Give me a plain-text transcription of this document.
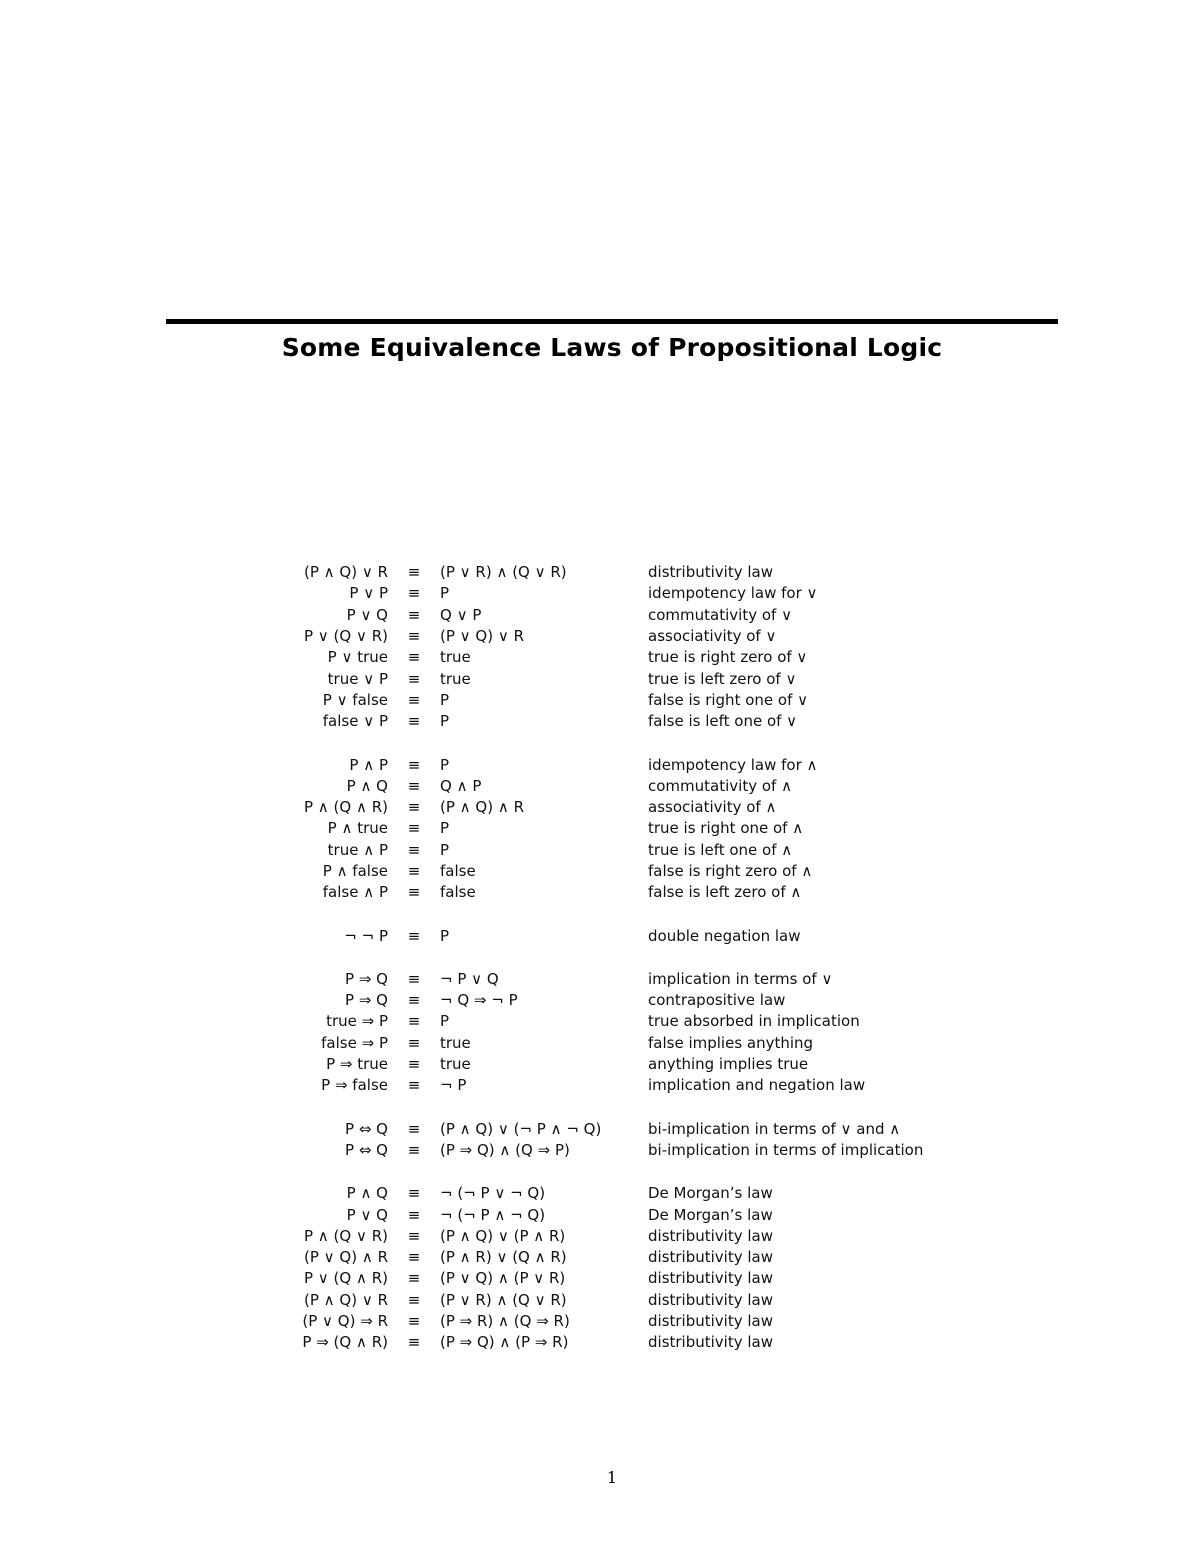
Some Equivalence Laws of Propositional Logic
(P ∧ Q) ∨ R	≡	(P ∨ R) ∧ (Q ∨ R)	distributivity law
P ∨ P	≡	P	idempotency law for ∨
P ∨ Q	≡	Q ∨ P	commutativity of ∨
P ∨ (Q ∨ R)	≡	(P ∨ Q) ∨ R	associativity of ∨
P ∨ true	≡	true	true is right zero of ∨
true ∨ P	≡	true	true is left zero of ∨
P ∨ false	≡	P	false is right one of ∨
false ∨ P	≡	P	false is left one of ∨
P ∧ P	≡	P	idempotency law for ∧
P ∧ Q	≡	Q ∧ P	commutativity of ∧
P ∧ (Q ∧ R)	≡	(P ∧ Q) ∧ R	associativity of ∧
P ∧ true	≡	P	true is right one of ∧
true ∧ P	≡	P	true is left one of ∧
P ∧ false	≡	false	false is right zero of ∧
false ∧ P	≡	false	false is left zero of ∧
¬ ¬ P	≡	P	double negation law
P ⇒ Q	≡	¬ P ∨ Q	implication in terms of ∨
P ⇒ Q	≡	¬ Q ⇒ ¬ P	contrapositive law
true ⇒ P	≡	P	true absorbed in implication
false ⇒ P	≡	true	false implies anything
P ⇒ true	≡	true	anything implies true
P ⇒ false	≡	¬ P	implication and negation law
P ⇔ Q	≡	(P ∧ Q) ∨ (¬ P ∧ ¬ Q)	bi-implication in terms of ∨ and ∧
P ⇔ Q	≡	(P ⇒ Q) ∧ (Q ⇒ P)	bi-implication in terms of implication
P ∧ Q	≡	¬ (¬ P ∨ ¬ Q)	De Morgan’s law
P ∨ Q	≡	¬ (¬ P ∧ ¬ Q)	De Morgan’s law
P ∧ (Q ∨ R)	≡	(P ∧ Q) ∨ (P ∧ R)	distributivity law
(P ∨ Q) ∧ R	≡	(P ∧ R) ∨ (Q ∧ R)	distributivity law
P ∨ (Q ∧ R)	≡	(P ∨ Q) ∧ (P ∨ R)	distributivity law
(P ∧ Q) ∨ R	≡	(P ∨ R) ∧ (Q ∨ R)	distributivity law
(P ∨ Q) ⇒ R	≡	(P ⇒ R) ∧ (Q ⇒ R)	distributivity law
P ⇒ (Q ∧ R)	≡	(P ⇒ Q) ∧ (P ⇒ R)	distributivity law
1
